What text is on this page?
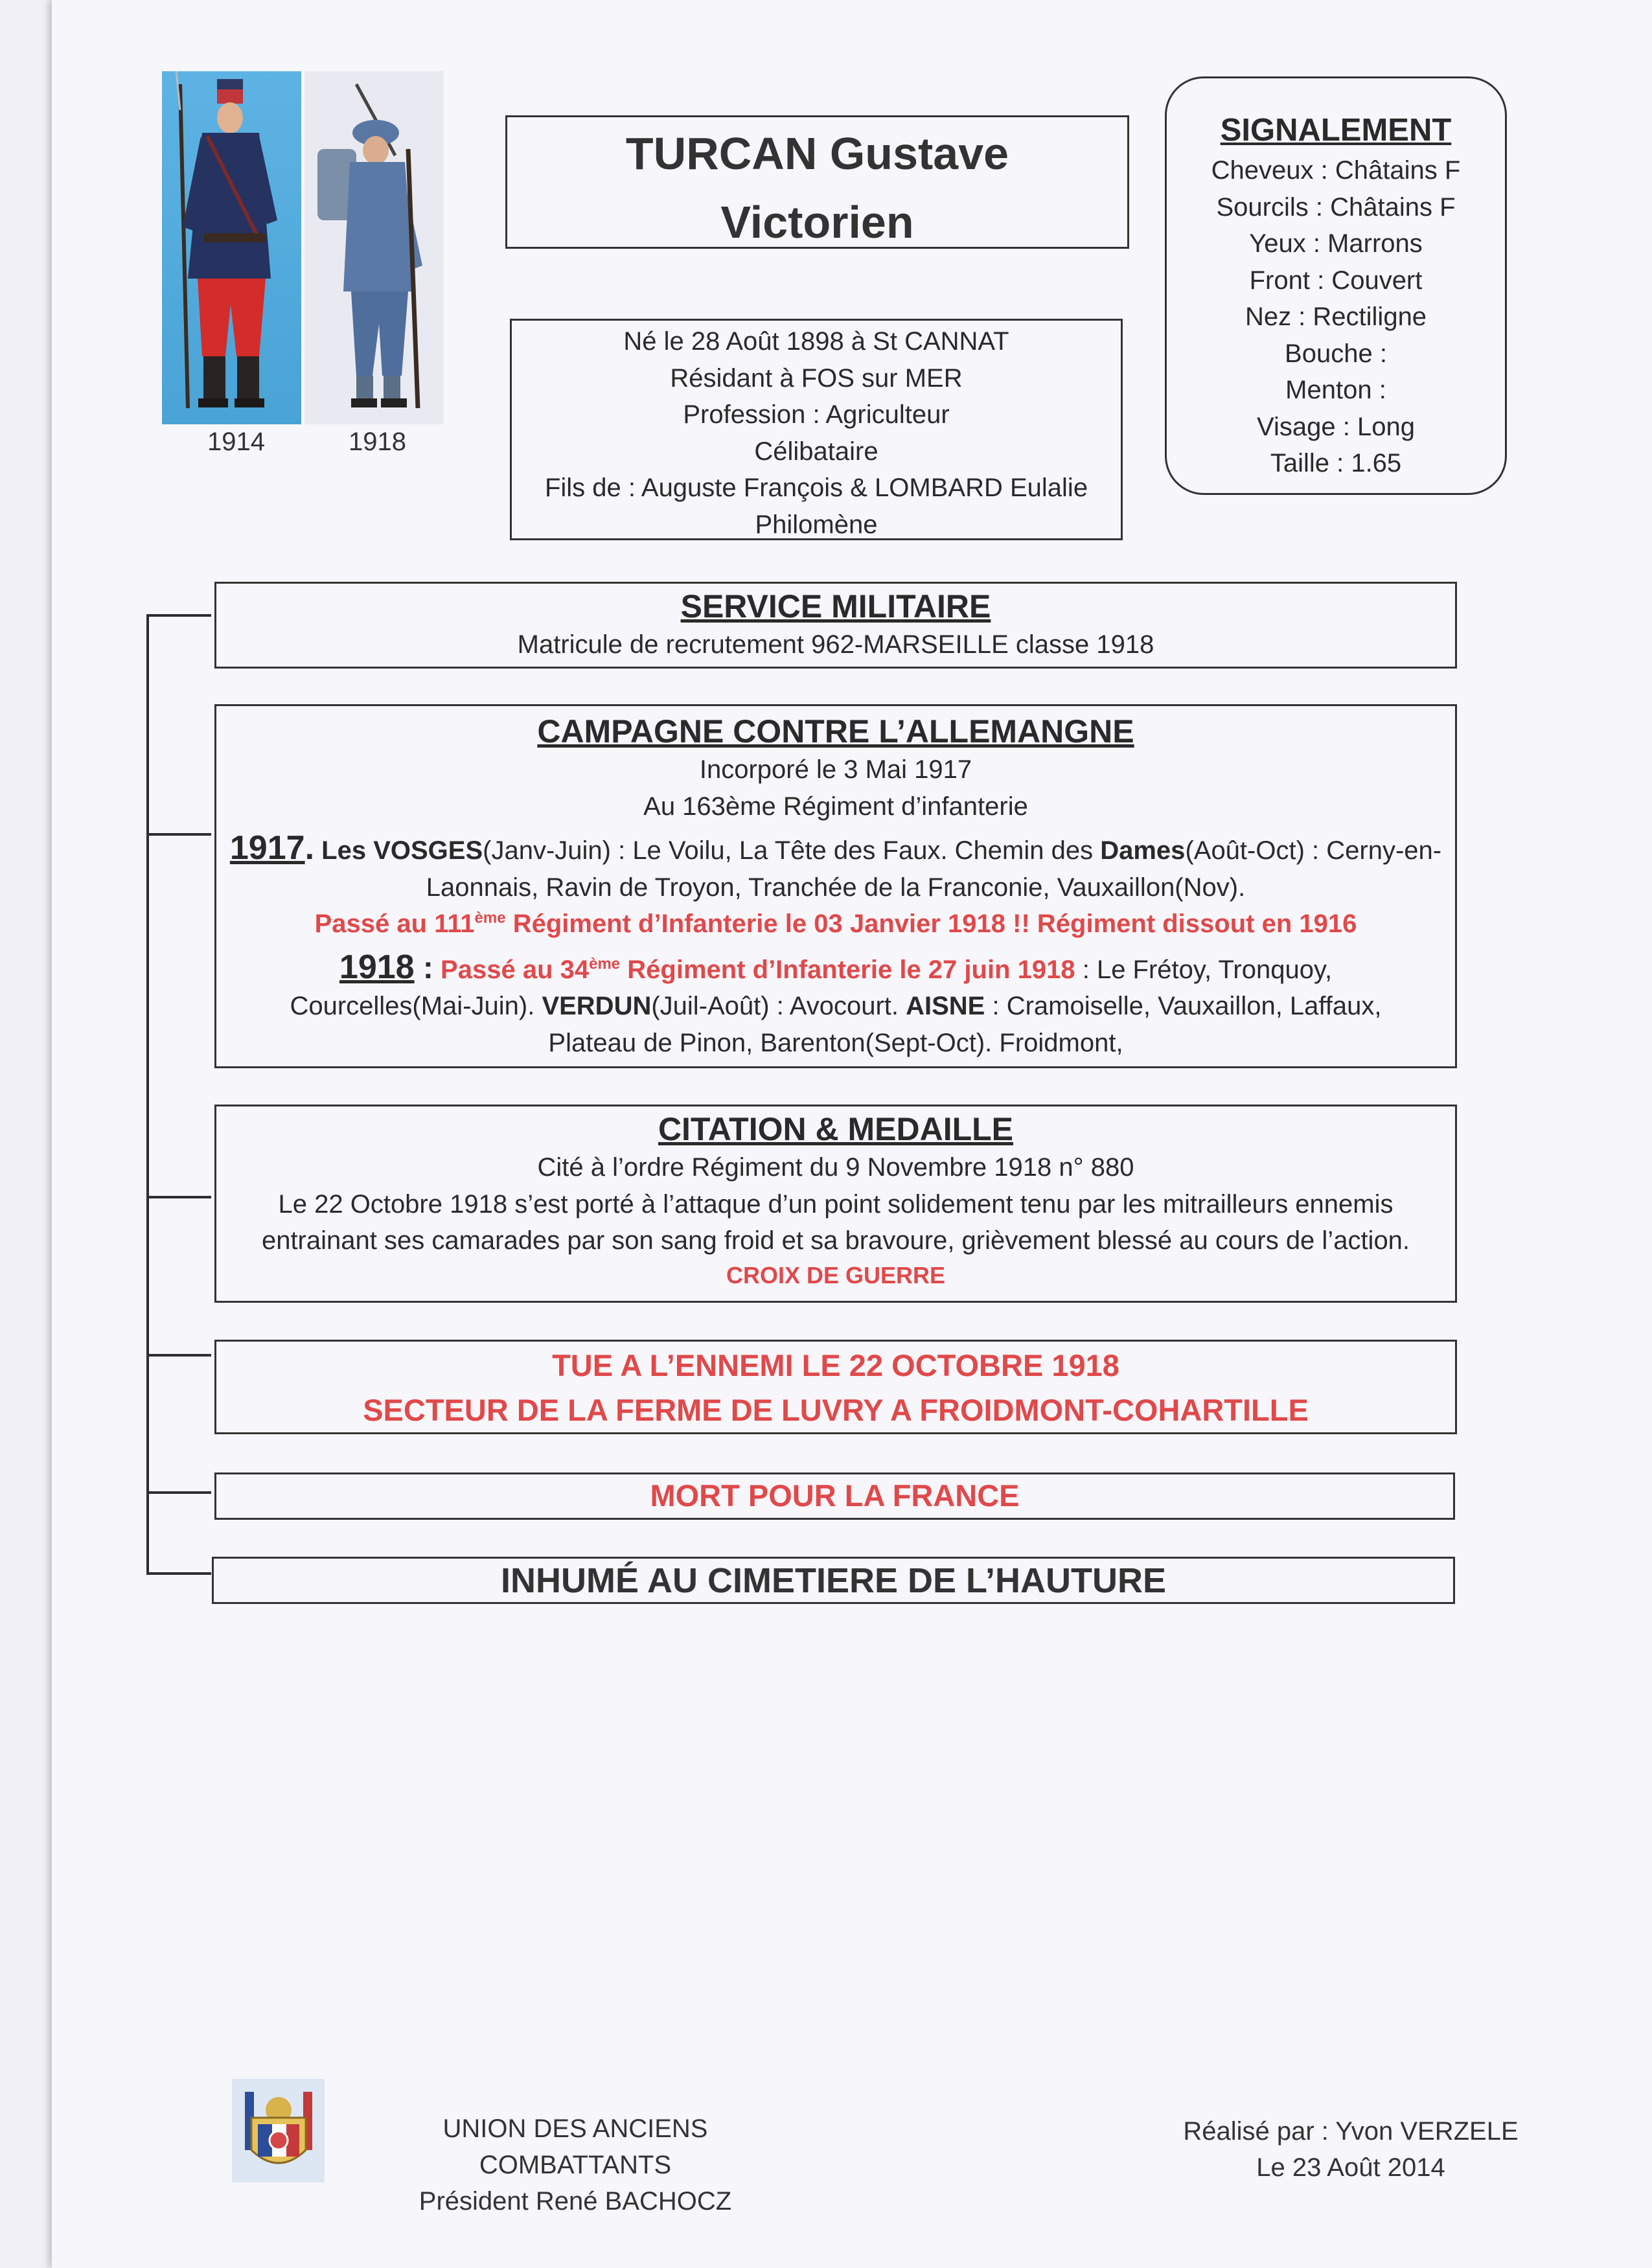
1914	1918
TURCAN Gustave
Victorien
Né le 28 Août 1898 à St CANNAT
Résidant à FOS sur MER
Profession : Agriculteur
Célibataire
Fils de : Auguste François & LOMBARD Eulalie
Philomène
SIGNALEMENT
Cheveux : Châtains F
Sourcils : Châtains F
Yeux : Marrons
Front : Couvert
Nez : Rectiligne
Bouche :
Menton :
Visage : Long
Taille : 1.65
SERVICE MILITAIRE
Matricule de recrutement 962-MARSEILLE classe 1918
CAMPAGNE CONTRE L’ALLEMANGNE
Incorporé le 3 Mai 1917
Au 163ème Régiment d’infanterie
1917. Les VOSGES(Janv-Juin) : Le Voilu, La Tête des Faux. Chemin des Dames(Août-Oct) : Cerny-en-
Laonnais, Ravin de Troyon, Tranchée de la Franconie, Vauxaillon(Nov).
Passé au 111ème Régiment d’Infanterie le 03 Janvier 1918 !! Régiment dissout en 1916
1918 : Passé au 34ème Régiment d’Infanterie le 27 juin 1918 : Le Frétoy, Tronquoy,
Courcelles(Mai-Juin). VERDUN(Juil-Août) : Avocourt. AISNE : Cramoiselle, Vauxaillon, Laffaux,
Plateau de Pinon, Barenton(Sept-Oct). Froidmont,
CITATION & MEDAILLE
Cité à l’ordre Régiment du 9 Novembre 1918 n° 880
Le 22 Octobre 1918 s’est porté à l’attaque d’un point solidement tenu par les mitrailleurs ennemis
entrainant ses camarades par son sang froid et sa bravoure, grièvement blessé au cours de l’action.
CROIX DE GUERRE
TUE A L’ENNEMI LE 22 OCTOBRE 1918
SECTEUR DE LA FERME DE LUVRY A FROIDMONT-COHARTILLE
MORT POUR LA FRANCE
INHUMÉ AU CIMETIERE DE L’HAUTURE
UNION DES ANCIENS COMBATTANTS
Président René BACHOCZ
Réalisé par : Yvon VERZELE
Le 23 Août 2014
